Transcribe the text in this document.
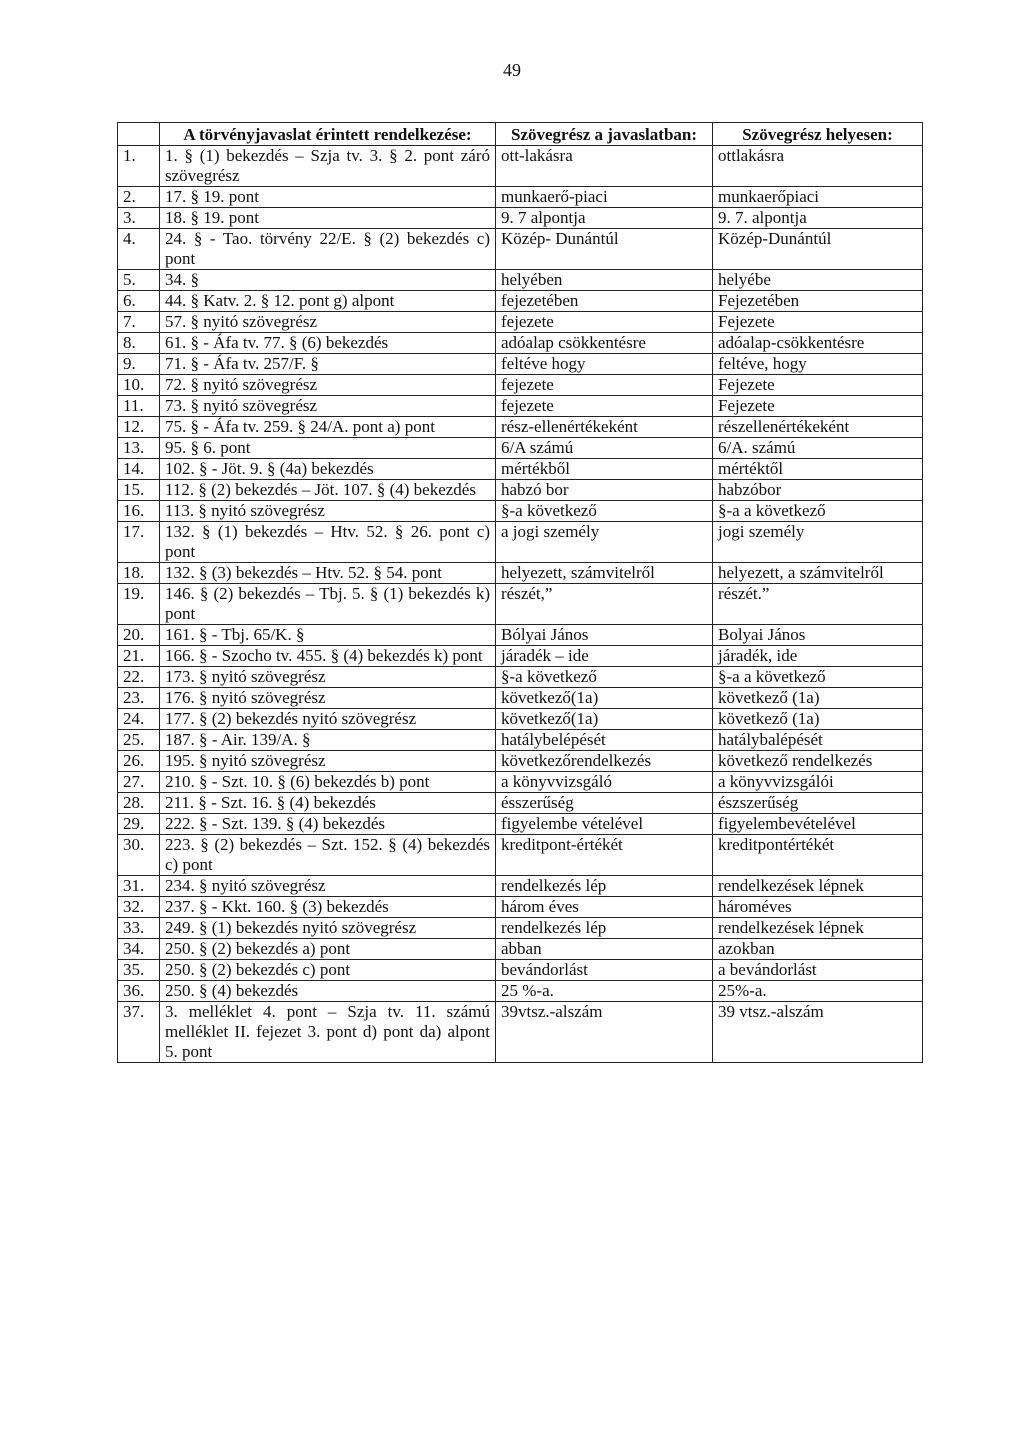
49
	A törvényjavaslat érintett rendelkezése:	Szövegrész a javaslatban:	Szövegrész helyesen:
1.	1. § (1) bekezdés – Szja tv. 3. § 2. pont záró szövegrész	ott-lakásra	ottlakásra
2.	17. § 19. pont	munkaerő-piaci	munkaerőpiaci
3.	18. § 19. pont	9. 7 alpontja	9. 7. alpontja
4.	24. § - Tao. törvény 22/E. § (2) bekezdés c) pont	Közép- Dunántúl	Közép-Dunántúl
5.	34. §	helyében	helyébe
6.	44. § Katv. 2. § 12. pont g) alpont	fejezetében	Fejezetében
7.	57. § nyitó szövegrész	fejezete	Fejezete
8.	61. § - Áfa tv. 77. § (6) bekezdés	adóalap csökkentésre	adóalap-csökkentésre
9.	71. § - Áfa tv. 257/F. §	feltéve hogy	feltéve, hogy
10.	72. § nyitó szövegrész	fejezete	Fejezete
11.	73. § nyitó szövegrész	fejezete	Fejezete
12.	75. § - Áfa tv. 259. § 24/A. pont a) pont	rész-ellenértékeként	részellenértékeként
13.	95. § 6. pont	6/A számú	6/A. számú
14.	102. § - Jöt. 9. § (4a) bekezdés	mértékből	mértéktől
15.	112. § (2) bekezdés – Jöt. 107. § (4) bekezdés	habzó bor	habzóbor
16.	113. § nyitó szövegrész	§-a következő	§-a a következő
17.	132. § (1) bekezdés – Htv. 52. § 26. pont c) pont	a jogi személy	jogi személy
18.	132. § (3) bekezdés – Htv. 52. § 54. pont	helyezett, számvitelről	helyezett, a számvitelről
19.	146. § (2) bekezdés – Tbj. 5. § (1) bekezdés k) pont	részét,”	részét.”
20.	161. § - Tbj. 65/K. §	Bólyai János	Bolyai János
21.	166. § - Szocho tv. 455. § (4) bekezdés k) pont	járadék – ide	járadék, ide
22.	173. § nyitó szövegrész	§-a következő	§-a a következő
23.	176. § nyitó szövegrész	következő(1a)	következő (1a)
24.	177. § (2) bekezdés nyitó szövegrész	következő(1a)	következő (1a)
25.	187. § - Air. 139/A. §	hatálybelépését	hatálybalépését
26.	195. § nyitó szövegrész	következőrendelkezés	következő rendelkezés
27.	210. § - Szt. 10. § (6) bekezdés b) pont	a könyvvizsgáló	a könyvvizsgálói
28.	211. § - Szt. 16. § (4) bekezdés	ésszerűség	észszerűség
29.	222. § - Szt. 139. § (4) bekezdés	figyelembe vételével	figyelembevételével
30.	223. § (2) bekezdés – Szt. 152. § (4) bekezdés c) pont	kreditpont-értékét	kreditpontértékét
31.	234. § nyitó szövegrész	rendelkezés lép	rendelkezések lépnek
32.	237. § - Kkt. 160. § (3) bekezdés	három éves	hároméves
33.	249. § (1) bekezdés nyitó szövegrész	rendelkezés lép	rendelkezések lépnek
34.	250. § (2) bekezdés a) pont	abban	azokban
35.	250. § (2) bekezdés c) pont	bevándorlást	a bevándorlást
36.	250. § (4) bekezdés	25 %-a.	25%-a.
37.	3. melléklet 4. pont – Szja tv. 11. számú melléklet II. fejezet 3. pont d) pont da) alpont 5. pont	39vtsz.-alszám	39 vtsz.-alszám
